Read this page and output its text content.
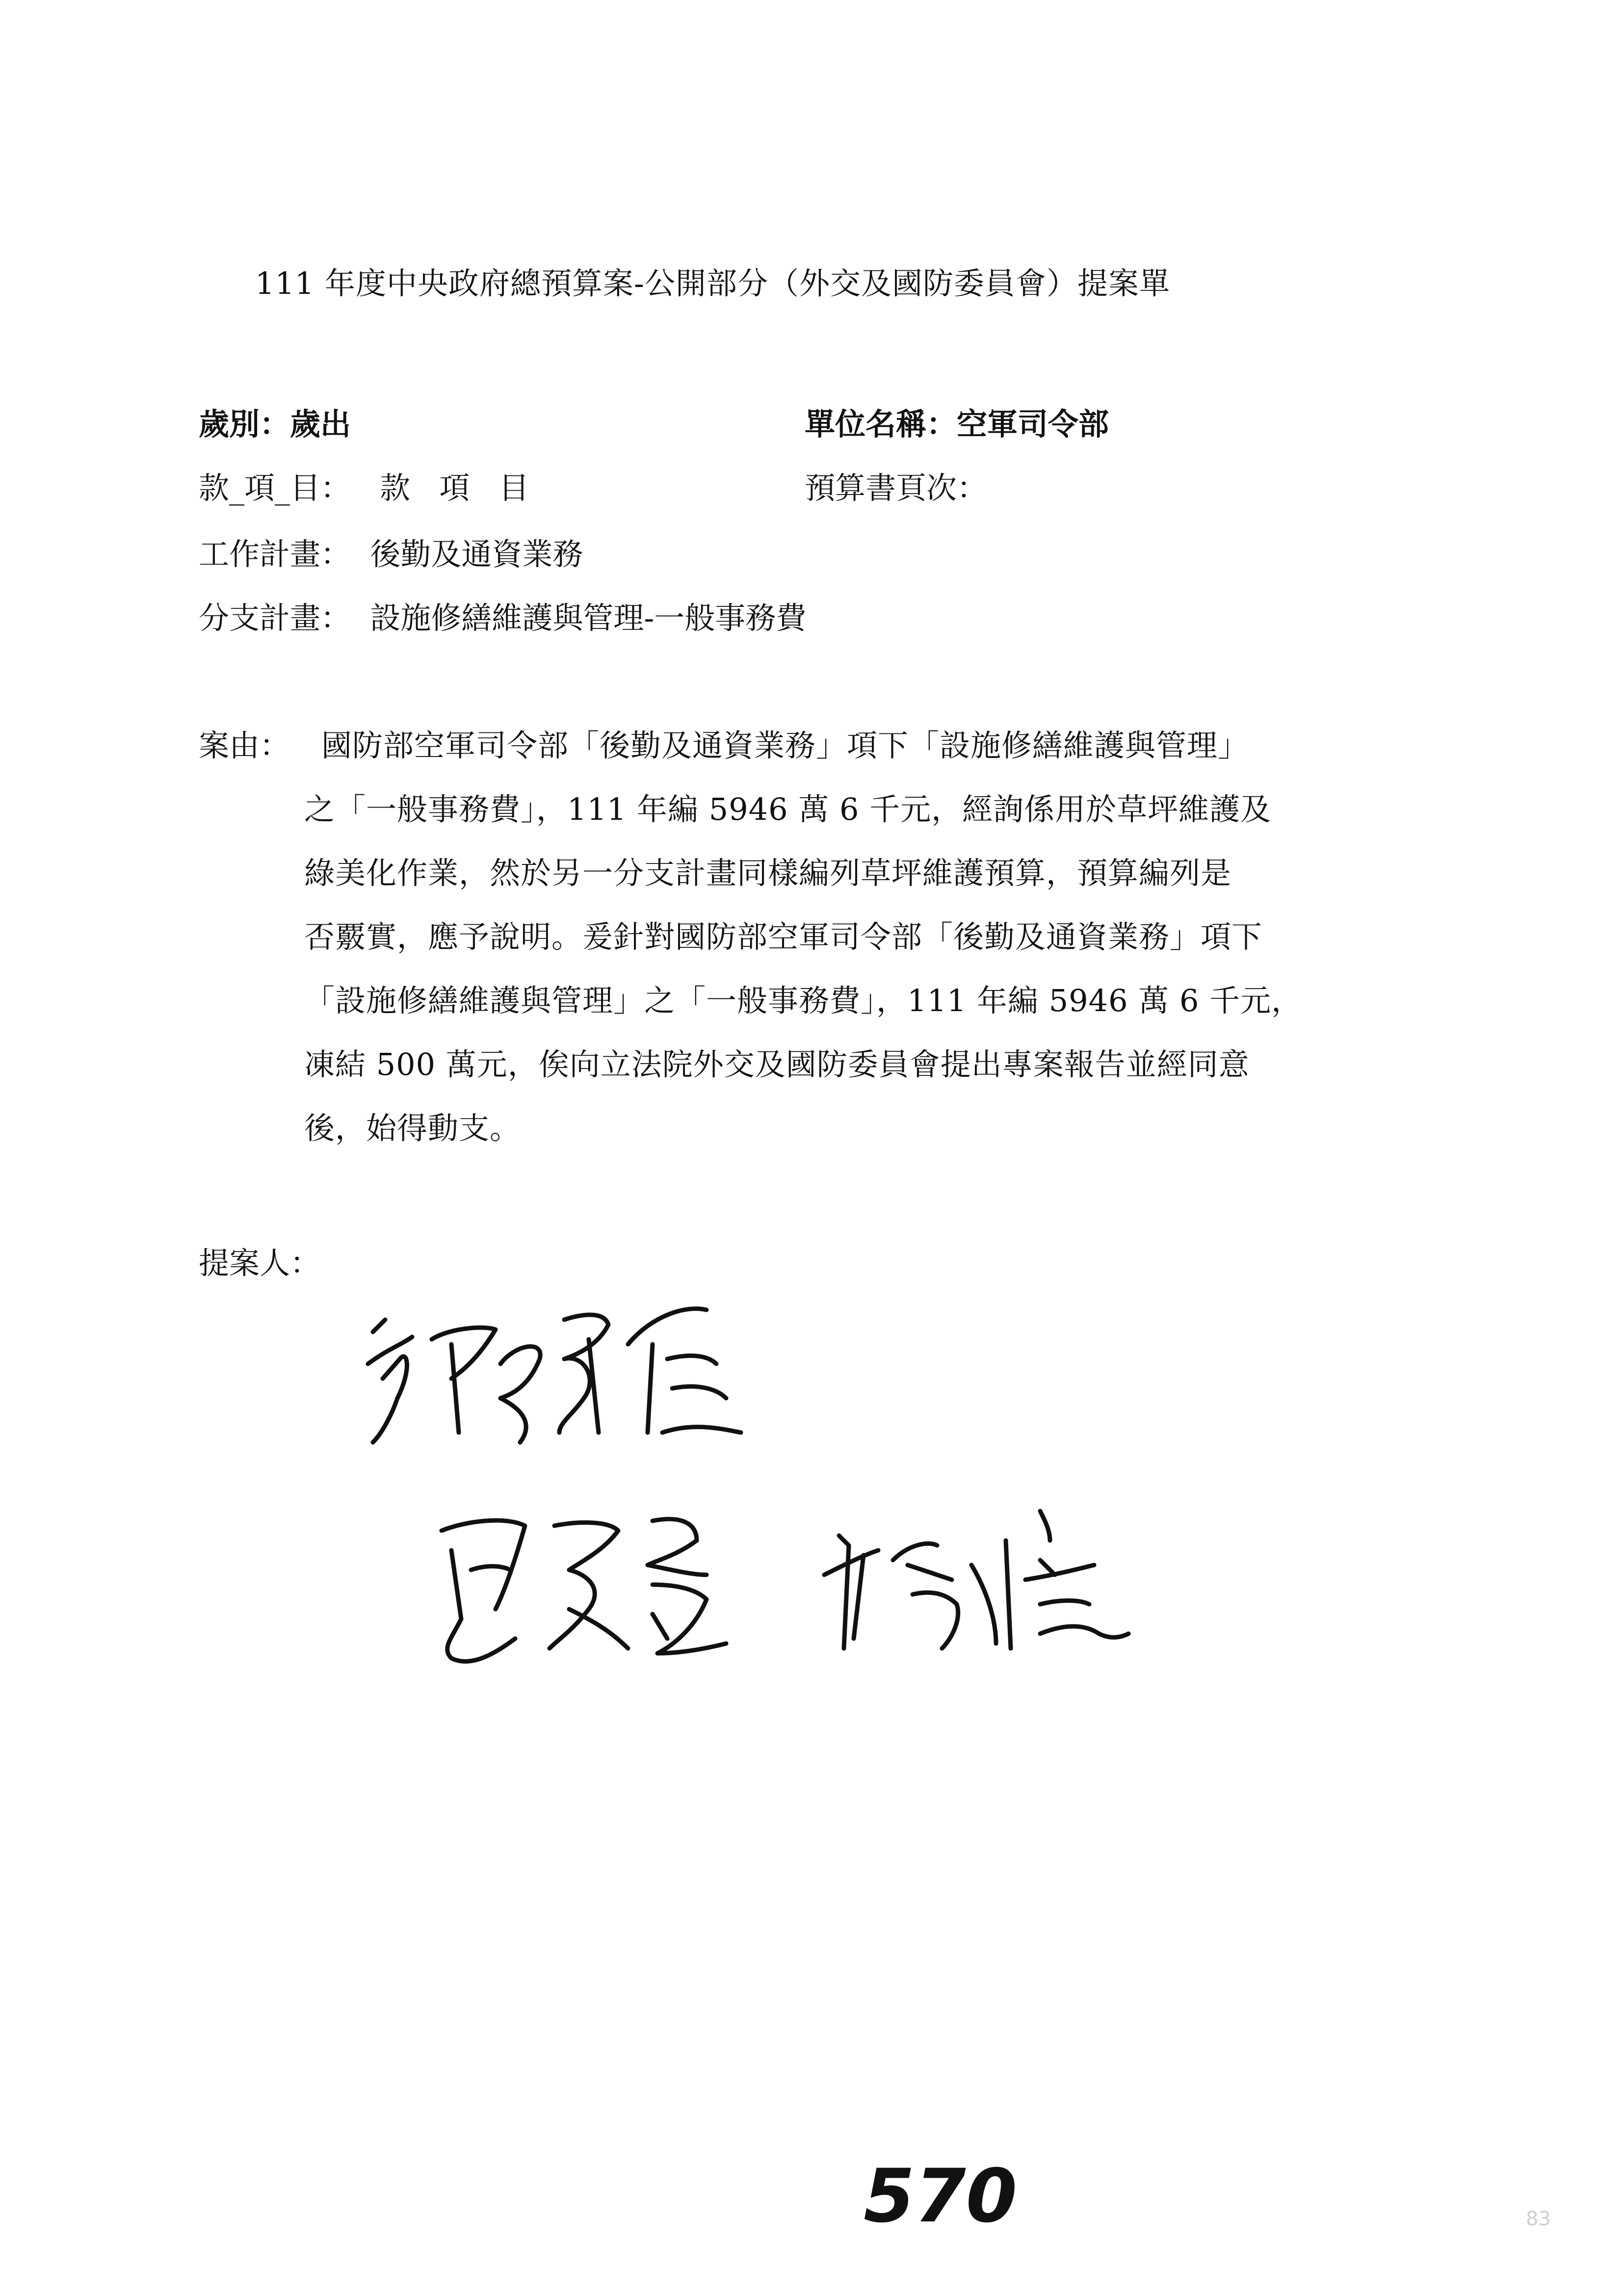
111 年度中央政府總預算案-公開部分（外交及國防委員會）提案單
歲別：歲出	單位名稱：空軍司令部
款_項_目：   款   項   目	預算書頁次：
工作計畫：  後勤及通資業務
分支計畫：  設施修繕維護與管理-一般事務費
案由： 國防部空軍司令部「後勤及通資業務」項下「設施修繕維護與管理」
之「一般事務費」，111 年編 5946 萬 6 千元，經詢係用於草坪維護及
綠美化作業，然於另一分支計畫同樣編列草坪維護預算，預算編列是
否覈實，應予說明。爰針對國防部空軍司令部「後勤及通資業務」項下
「設施修繕維護與管理」之「一般事務費」，111 年編 5946 萬 6 千元，
凍結 500 萬元，俟向立法院外交及國防委員會提出專案報告並經同意
後，始得動支。
提案人：
570	83
